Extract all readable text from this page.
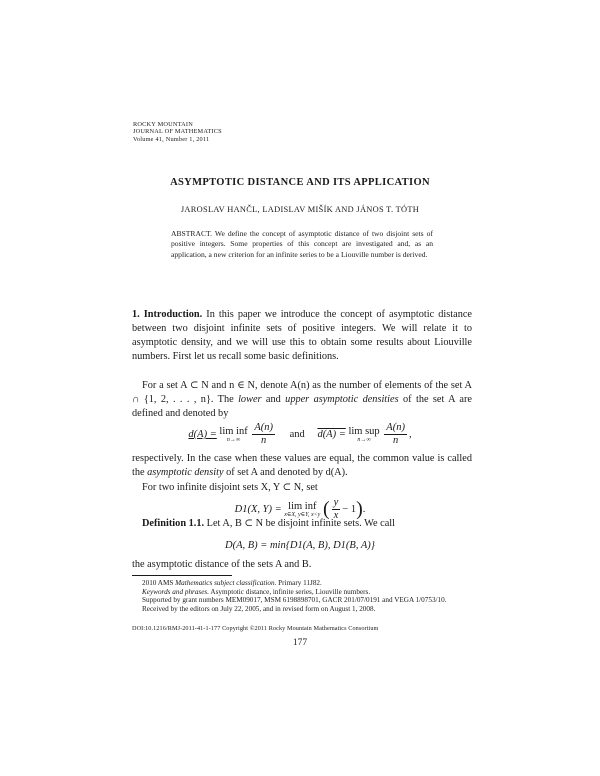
ROCKY MOUNTAIN
JOURNAL OF MATHEMATICS
Volume 41, Number 1, 2011
ASYMPTOTIC DISTANCE AND ITS APPLICATION
JAROSLAV HANČL, LADISLAV MIŠÍK AND JÁNOS T. TÓTH
ABSTRACT. We define the concept of asymptotic distance of two disjoint sets of positive integers. Some properties of this concept are investigated and, as an application, a new criterion for an infinite series to be a Liouville number is derived.
1. Introduction. In this paper we introduce the concept of asymptotic distance between two disjoint infinite sets of positive integers. We will relate it to asymptotic density, and we will use this to obtain some results about Liouville numbers. First let us recall some basic definitions.
For a set A ⊂ N and n ∈ N, denote A(n) as the number of elements of the set A ∩ {1, 2, . . . , n}. The lower and upper asymptotic densities of the set A are defined and denoted by
d(A) = lim inf
n→∞
	$\frac{A(n)}{n}$ and d(A) = lim sup
n→∞
	$\frac{A(n)}{n}$ ,
respectively. In the case when these values are equal, the common value is called the asymptotic density of set A and denoted by d(A).
For two infinite disjoint sets X, Y ⊂ N, set
D1(X, Y) = lim inf
x∈X, y∈Y, x<y ( $\frac{y}{x} - 1$).
Definition 1.1. Let A, B ⊂ N be disjoint infinite sets. We call
D(A, B) = min{D1(A, B), D1(B, A)}
the asymptotic distance of the sets A and B.
2010 AMS Mathematics subject classification. Primary 11J82.
Keywords and phrases. Asymptotic distance, infinite series, Liouville numbers.
Supported by grant numbers MEM09017, MSM 6198898701, GACR 201/07/0191 and VEGA 1/0753/10.
Received by the editors on July 22, 2005, and in revised form on August 1, 2008.
DOI:10.1216/RMJ-2011-41-1-177 Copyright ©2011 Rocky Mountain Mathematics Consortium
177
